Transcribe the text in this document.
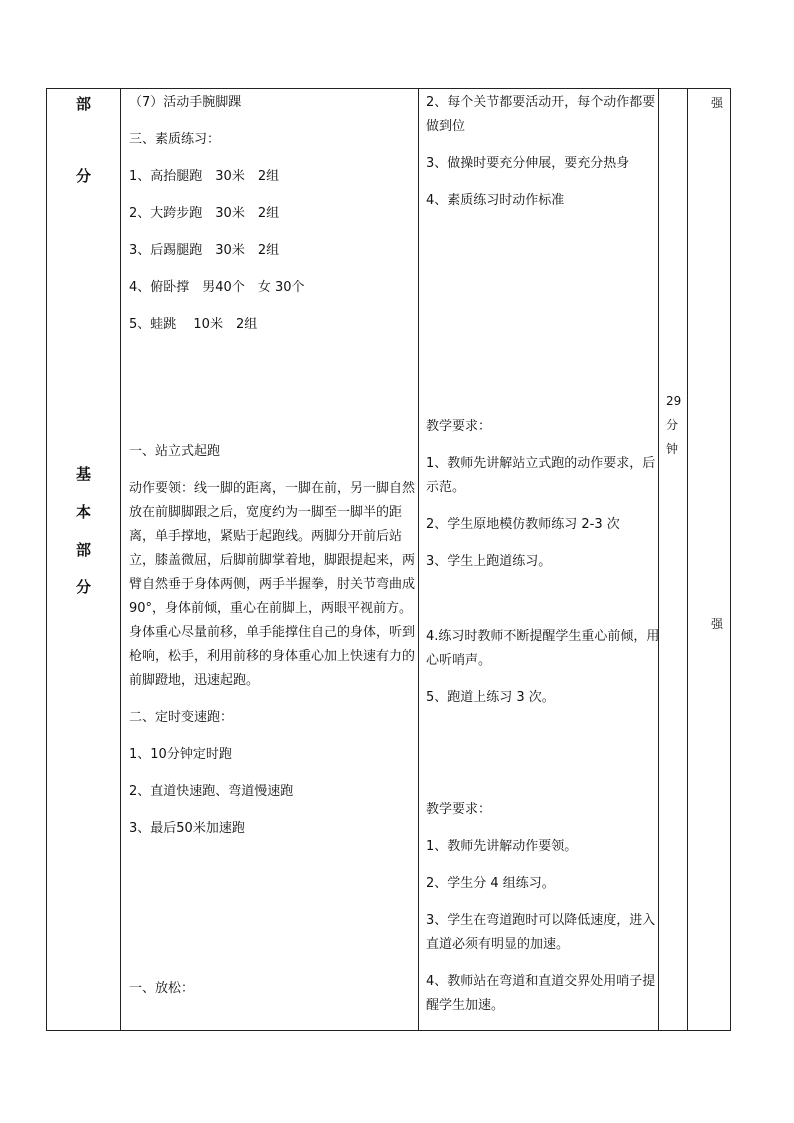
部
分
基
本
部
分

（7）活动手腕脚踝

三、素质练习：

1、高抬腿跑　30米　2组

2、大跨步跑　30米　2组

3、后踢腿跑　30米　2组

4、俯卧撑　男40个　女 30个

5、蛙跳　 10米　2组

一、站立式起跑

动作要领：线一脚的距离，一脚在前，另一脚自然放在前脚脚跟之后，宽度约为一脚至一脚半的距离，单手撑地，紧贴于起跑线。两脚分开前后站立，膝盖微屈，后脚前脚掌着地，脚跟提起来，两臂自然垂于身体两侧，两手半握拳，肘关节弯曲成90°，身体前倾，重心在前脚上，两眼平视前方。 身体重心尽量前移，单手能撑住自己的身体，听到枪响，松手，利用前移的身体重心加上快速有力的前脚蹬地，迅速起跑。

二、定时变速跑：

1、10分钟定时跑

2、直道快速跑、弯道慢速跑

3、最后50米加速跑

一、放松：

2、每个关节都要活动开，每个动作都要做到位

3、做操时要充分伸展，要充分热身

4、素质练习时动作标准

教学要求：

1、教师先讲解站立式跑的动作要求，后示范。

2、学生原地模仿教师练习 2-3 次

3、学生上跑道练习。

4.练习时教师不断提醒学生重心前倾，用心听哨声。

5、跑道上练习 3 次。

教学要求：

1、教师先讲解动作要领。

2、学生分 4 组练习。

3、学生在弯道跑时可以降低速度，进入直道必须有明显的加速。

4、教师站在弯道和直道交界处用哨子提醒学生加速。

29
分
钟
强
强
